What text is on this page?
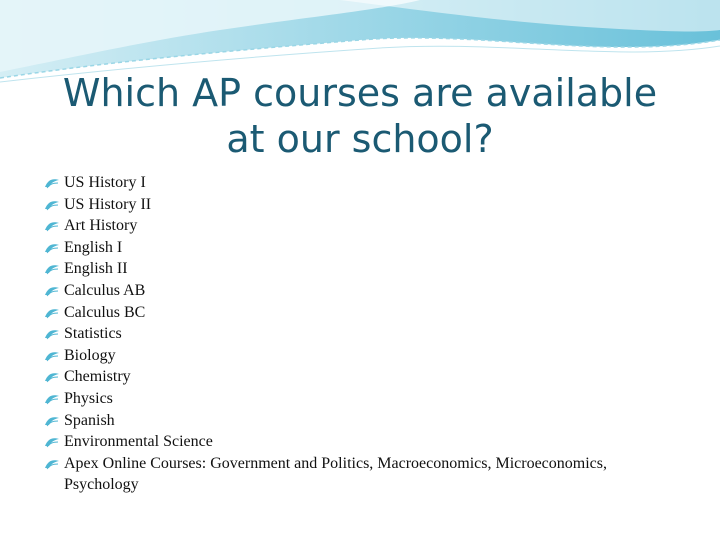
Which AP courses are available
at our school?
US History I
US History II
Art History
English I
English II
Calculus AB
Calculus BC
Statistics
Biology
Chemistry
Physics
Spanish
Environmental Science
Apex Online Courses: Government and Politics, Macroeconomics, Microeconomics, Psychology
